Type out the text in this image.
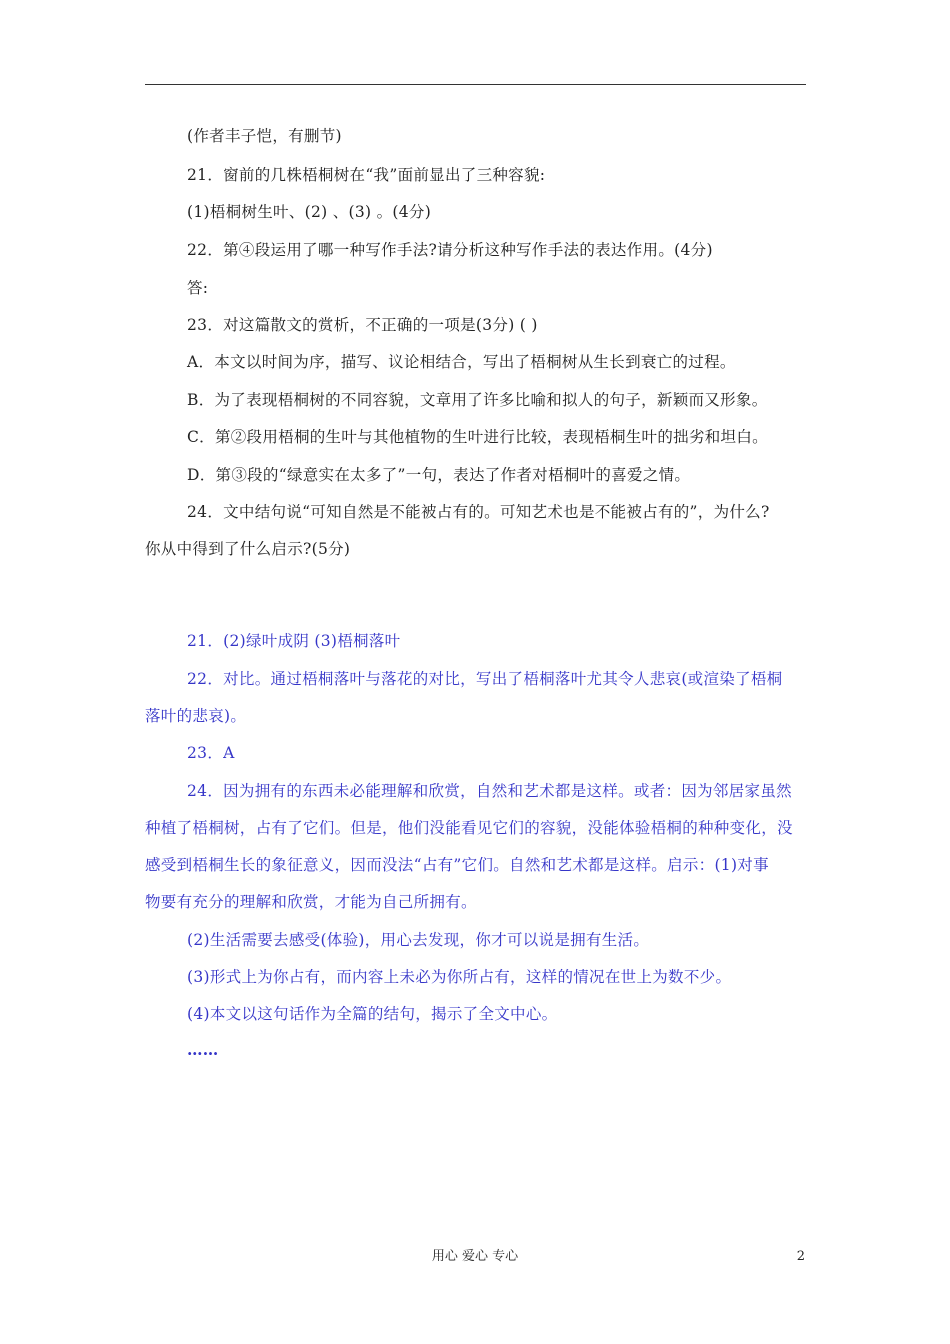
(作者丰子恺，有删节)
21．窗前的几株梧桐树在“我”面前显出了三种容貌:
(1)梧桐树生叶、(2) 、(3) 。(4分)
22．第④段运用了哪一种写作手法?请分析这种写作手法的表达作用。(4分)
答:
23．对这篇散文的赏析，不正确的一项是(3分) ( )
A．本文以时间为序，描写、议论相结合，写出了梧桐树从生长到衰亡的过程。
B．为了表现梧桐树的不同容貌，文章用了许多比喻和拟人的句子，新颖而又形象。
C．第②段用梧桐的生叶与其他植物的生叶进行比较，表现梧桐生叶的拙劣和坦白。
D．第③段的“绿意实在太多了”一句，表达了作者对梧桐叶的喜爱之情。
24．文中结句说“可知自然是不能被占有的。可知艺术也是不能被占有的”，为什么?
你从中得到了什么启示?(5分)
21．(2)绿叶成阴 (3)梧桐落叶
22．对比。通过梧桐落叶与落花的对比，写出了梧桐落叶尤其令人悲哀(或渲染了梧桐
落叶的悲哀)。
23．A
24．因为拥有的东西未必能理解和欣赏，自然和艺术都是这样。或者：因为邻居家虽然
种植了梧桐树，占有了它们。但是，他们没能看见它们的容貌，没能体验梧桐的种种变化，没
感受到梧桐生长的象征意义，因而没法“占有”它们。自然和艺术都是这样。启示：(1)对事
物要有充分的理解和欣赏，才能为自己所拥有。
(2)生活需要去感受(体验)，用心去发现，你才可以说是拥有生活。
(3)形式上为你占有，而内容上未必为你所占有，这样的情况在世上为数不少。
(4)本文以这句话作为全篇的结句，揭示了全文中心。
……
用心 爱心 专心	2
